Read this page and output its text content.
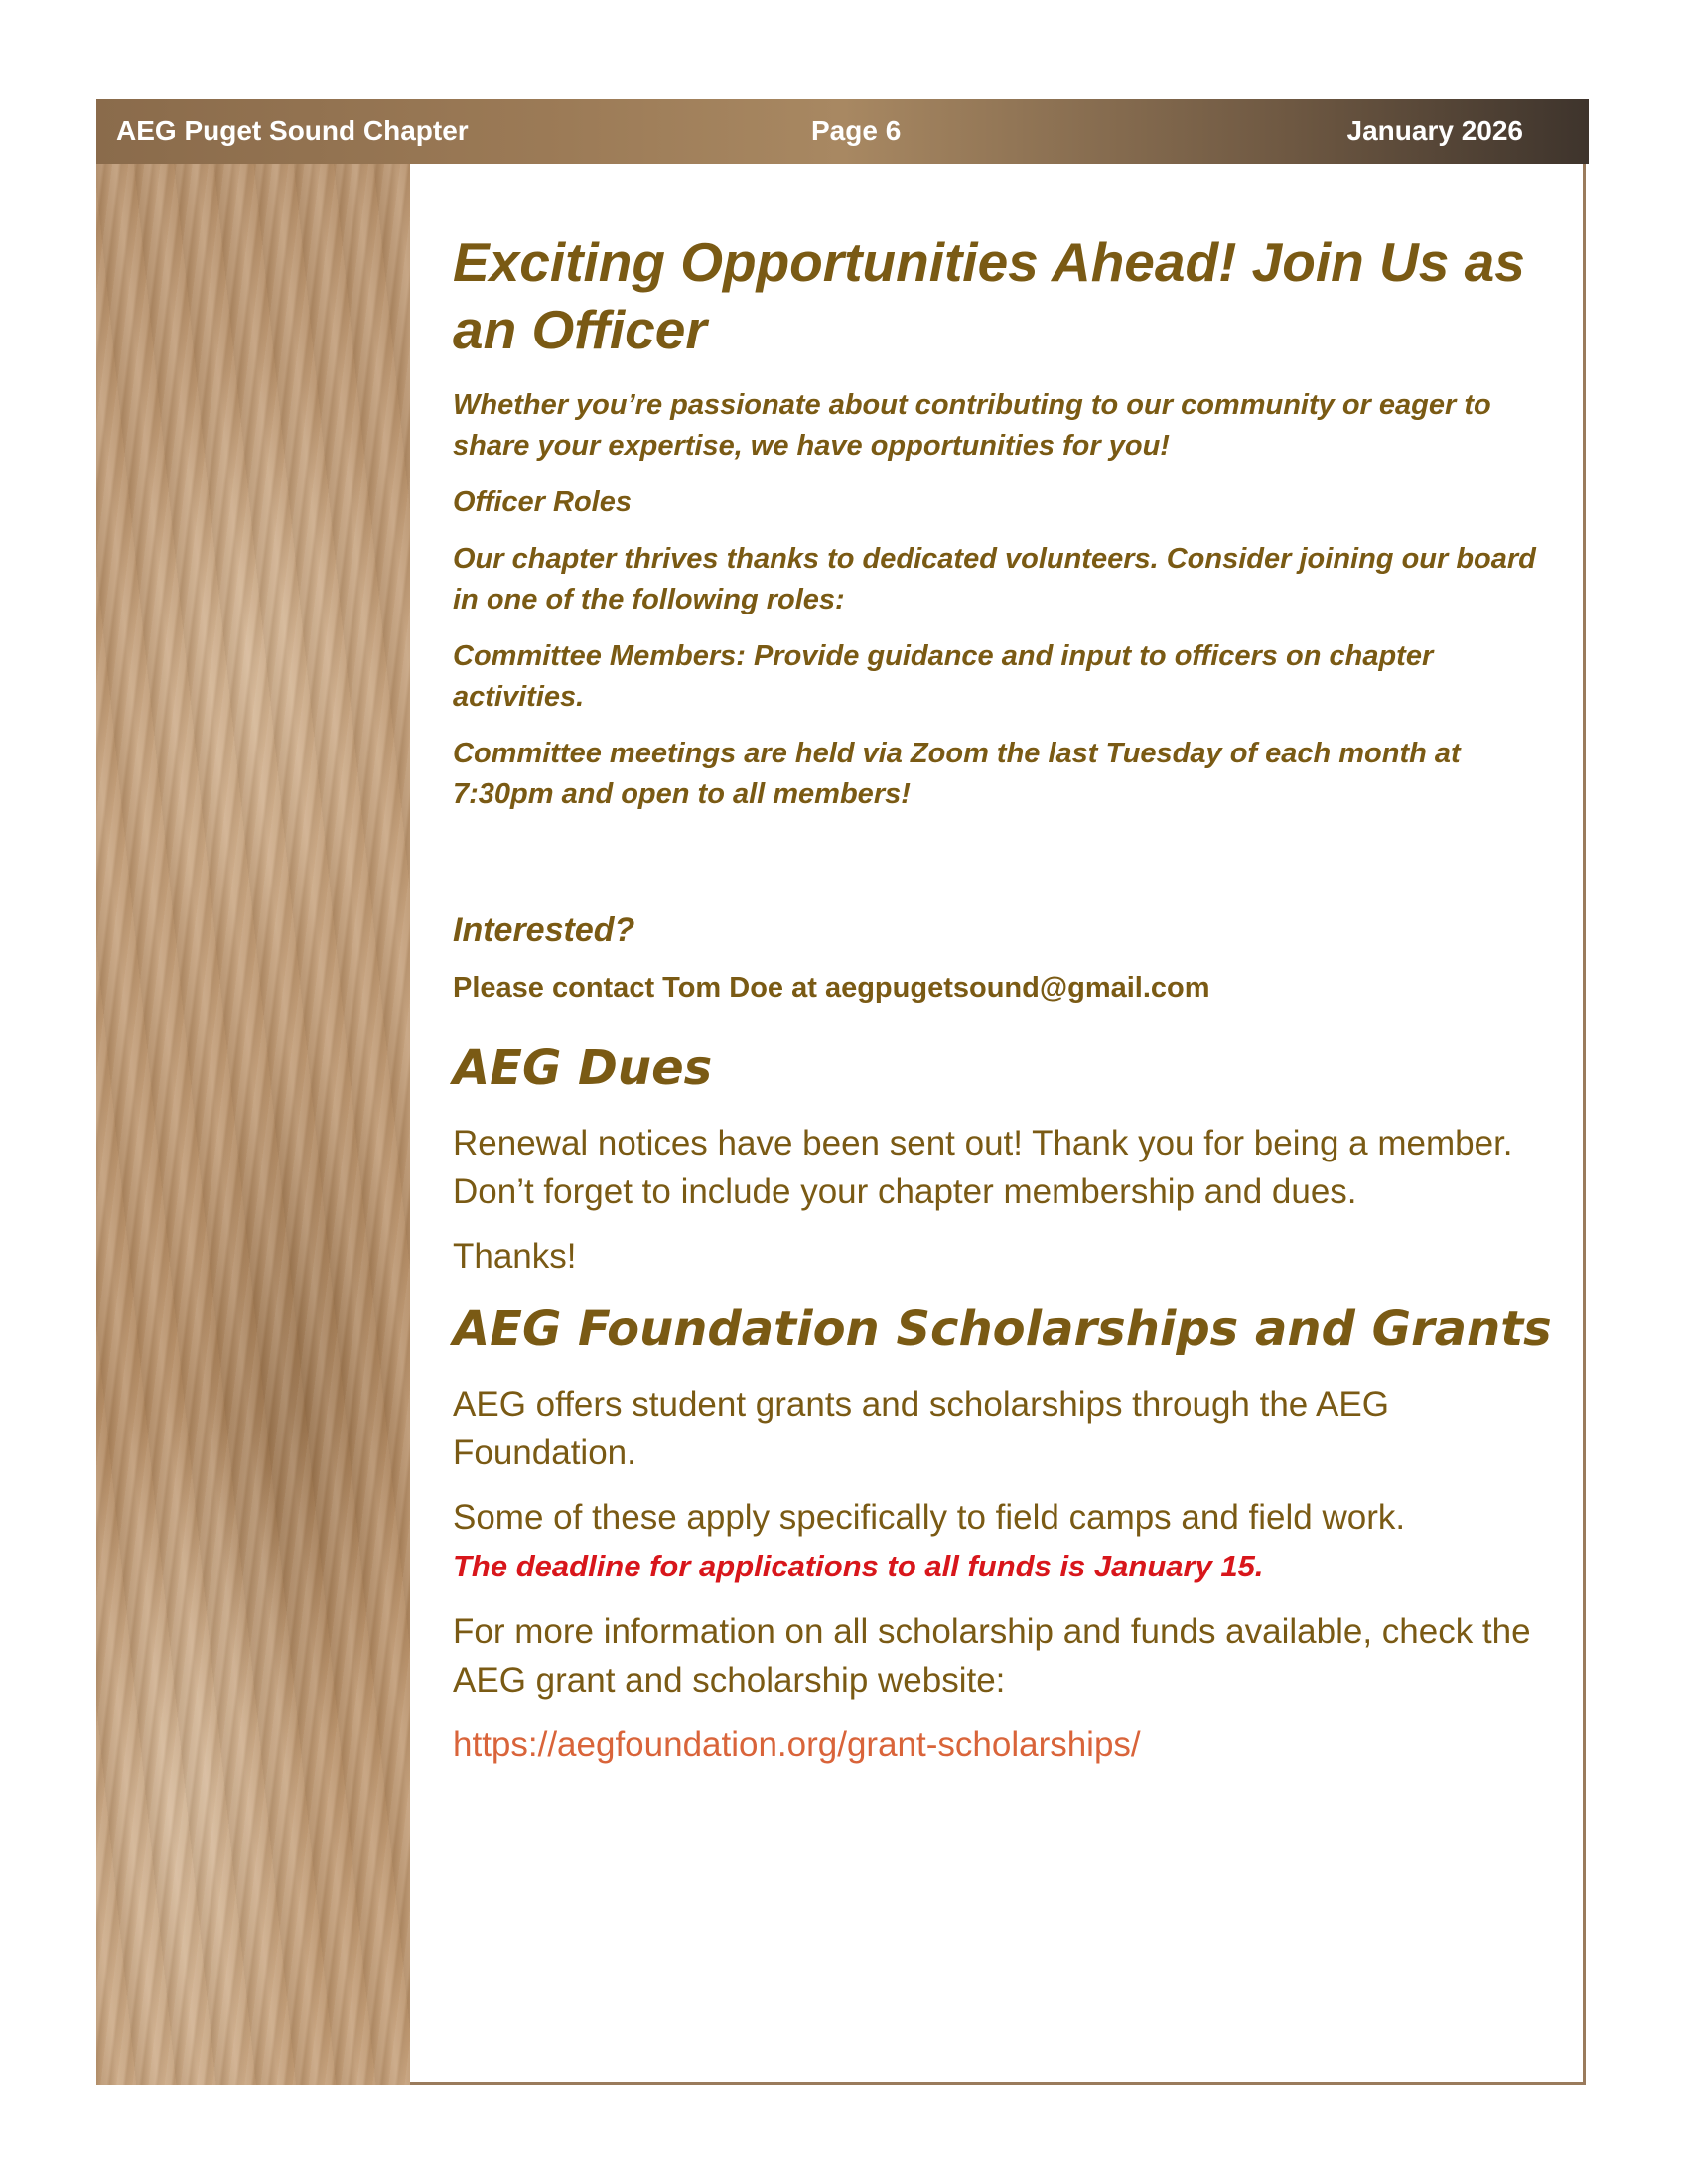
AEG Puget Sound Chapter	Page 6	January 2026
Exciting Opportunities Ahead! Join Us as an Officer

Whether you’re passionate about contributing to our community or eager to share your expertise, we have opportunities for you!

Officer Roles

Our chapter thrives thanks to dedicated volunteers. Consider joining our board in one of the following roles:

Committee Members: Provide guidance and input to officers on chapter activities.

Committee meetings are held via Zoom the last Tuesday of each month at 7:30pm and open to all members!

Interested?

Please contact Tom Doe at aegpugetsound@gmail.com

AEG Dues

Renewal notices have been sent out! Thank you for being a member. Don’t forget to include your chapter membership and dues.

Thanks!

AEG Foundation Scholarships and Grants

AEG offers student grants and scholarships through the AEG Foundation.

Some of these apply specifically to field camps and field work.

The deadline for applications to all funds is January 15.

For more information on all scholarship and funds available, check the AEG grant and scholarship website:

https://aegfoundation.org/grant-scholarships/
